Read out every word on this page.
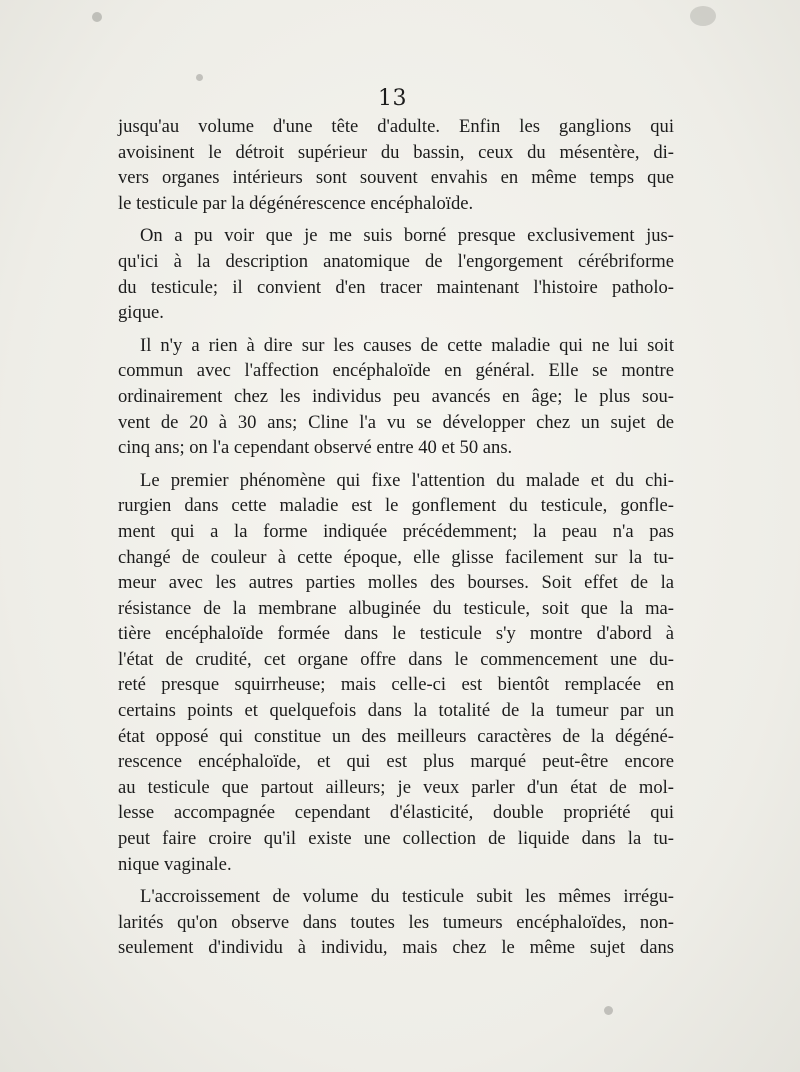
13
jusqu'au volume d'une tête d'adulte. Enfin les ganglions qui
avoisinent le détroit supérieur du bassin, ceux du mésentère, di-
vers organes intérieurs sont souvent envahis en même temps que
le testicule par la dégénérescence encéphaloïde.
On a pu voir que je me suis borné presque exclusivement jus-
qu'ici à la description anatomique de l'engorgement cérébriforme
du testicule; il convient d'en tracer maintenant l'histoire patholo-
gique.
Il n'y a rien à dire sur les causes de cette maladie qui ne lui soit
commun avec l'affection encéphaloïde en général. Elle se montre
ordinairement chez les individus peu avancés en âge; le plus sou-
vent de 20 à 30 ans; Cline l'a vu se développer chez un sujet de
cinq ans; on l'a cependant observé entre 40 et 50 ans.
Le premier phénomène qui fixe l'attention du malade et du chi-
rurgien dans cette maladie est le gonflement du testicule, gonfle-
ment qui a la forme indiquée précédemment; la peau n'a pas
changé de couleur à cette époque, elle glisse facilement sur la tu-
meur avec les autres parties molles des bourses. Soit effet de la
résistance de la membrane albuginée du testicule, soit que la ma-
tière encéphaloïde formée dans le testicule s'y montre d'abord à
l'état de crudité, cet organe offre dans le commencement une du-
reté presque squirrheuse; mais celle-ci est bientôt remplacée en
certains points et quelquefois dans la totalité de la tumeur par un
état opposé qui constitue un des meilleurs caractères de la dégéné-
rescence encéphaloïde, et qui est plus marqué peut-être encore
au testicule que partout ailleurs; je veux parler d'un état de mol-
lesse accompagnée cependant d'élasticité, double propriété qui
peut faire croire qu'il existe une collection de liquide dans la tu-
nique vaginale.
L'accroissement de volume du testicule subit les mêmes irrégu-
larités qu'on observe dans toutes les tumeurs encéphaloïdes, non-
seulement d'individu à individu, mais chez le même sujet dans
